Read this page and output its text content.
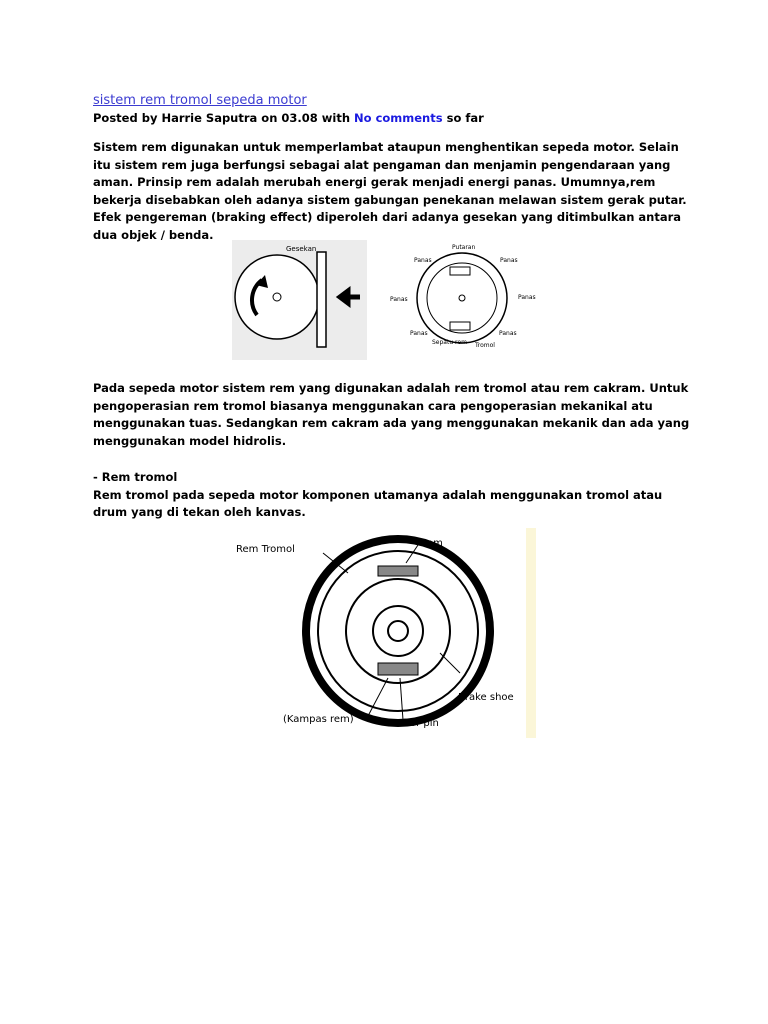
sistem rem tromol sepeda motor
Posted by Harrie Saputra on 03.08 with No comments so far
Sistem rem digunakan untuk memperlambat ataupun menghentikan sepeda motor. Selain itu sistem rem juga berfungsi sebagai alat pengaman dan menjamin pengendaraan yang aman. Prinsip rem adalah merubah energi gerak menjadi energi panas. Umumnya,rem bekerja disebabkan oleh adanya sistem gabungan penekanan melawan sistem gerak putar. Efek pengereman (braking effect) diperoleh dari adanya gesekan yang ditimbulkan antara dua objek / benda.
Gesekan	Putaran
Panas	Panas
Panas	Panas
Panas	Panas
Sepatu rem Tromol
Pada sepeda motor sistem rem yang digunakan adalah rem tromol atau rem cakram. Untuk pengoperasian rem tromol biasanya menggunakan cara pengoperasian mekanikal atu menggunakan tuas. Sedangkan rem cakram ada yang menggunakan mekanik dan ada yang menggunakan model hidrolis.
- Rem tromol
Rem tromol pada sepeda motor komponen utamanya adalah menggunakan tromol atau drum yang di tekan oleh kanvas.
Rem Tromol
Cam
Brake shoe
(Kampas rem)	Anchor pin
